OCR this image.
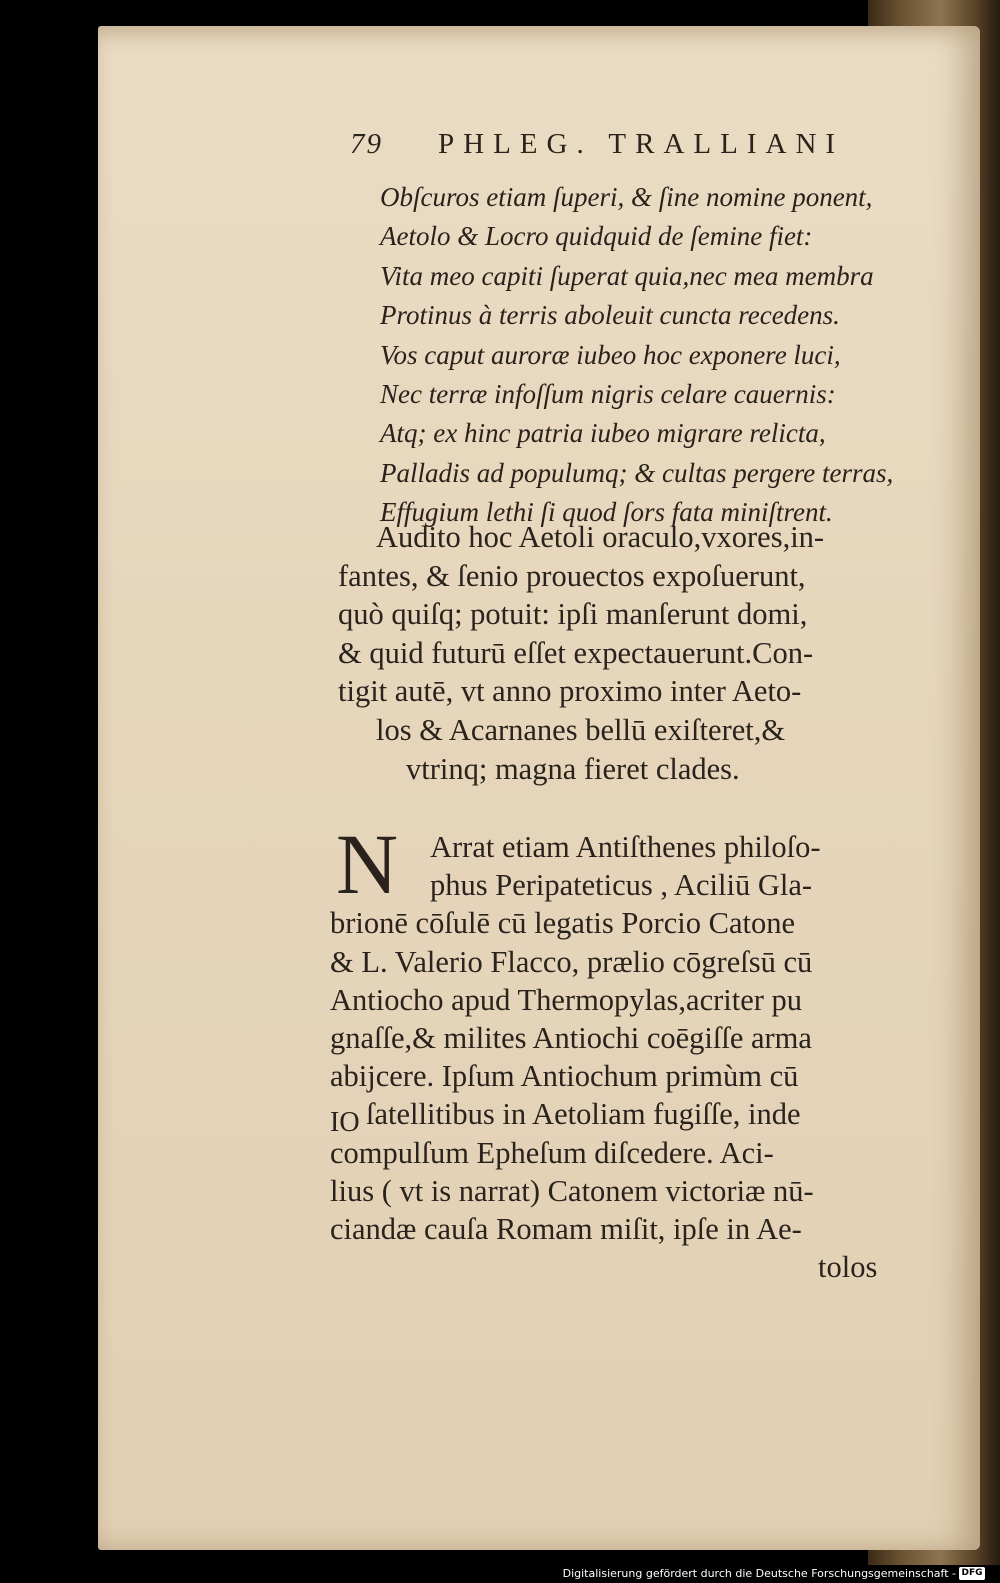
79 PHLEG. TRALLIANI
Obſcuros etiam ſuperi, & ſine nomine ponent,
Aetolo & Locro quidquid de ſemine fiet:
Vita meo capiti ſuperat quia,nec mea membra
Protinus à terris aboleuit cuncta recedens.
Vos caput auroræ iubeo hoc exponere luci,
Nec terræ infoſſum nigris celare cauernis:
Atq; ex hinc patria iubeo migrare relicta,
Palladis ad populumq; & cultas pergere terras,
Effugium lethi ſi quod ſors fata miniſtrent.
Audito hoc Aetoli oraculo,vxores,in-
fantes, & ſenio prouectos expoſuerunt,
quò quiſq; potuit: ipſi manſerunt domi,
& quid futurū eſſet expectauerunt.Con-
tigit autē, vt anno proximo inter Aeto-
los & Acarnanes bellū exiſteret,&
vtrinq; magna fieret clades.
N	Arrat etiam Antiſthenes philoſo-
phus Peripateticus , Aciliū Gla-
brionē cōſulē cū legatis Porcio Catone
& L. Valerio Flacco, prælio cōgreſsū cū
Antiocho apud Thermopylas,acriter pu
gnaſſe,& milites Antiochi coēgiſſe arma
abijcere. Ipſum Antiochum primùm cū
ſatellitibus in Aetoliam fugiſſe, inde
compulſum Epheſum diſcedere. Aci-
lius ( vt is narrat) Catonem victoriæ nū-
ciandæ cauſa Romam miſit, ipſe in Ae-
tolos
IO
Digitalisierung gefördert durch die Deutsche Forschungsgemeinschaft - DFG
